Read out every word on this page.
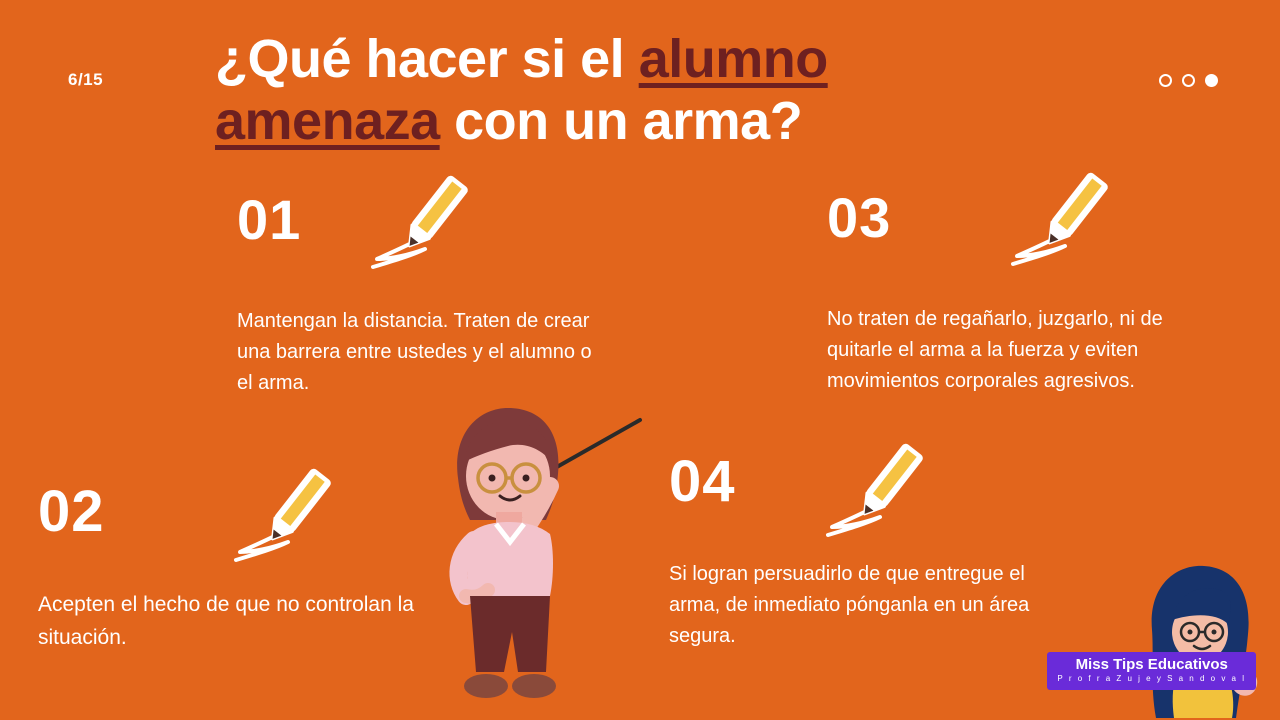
6/15 ¿Qué hacer si el alumno
amenaza con un arma?
01
Mantengan la distancia. Traten de crear una barrera entre ustedes y el alumno o el arma.
02
Acepten el hecho de que no controlan la situación.
03
No traten de regañarlo, juzgarlo, ni de quitarle el arma a la fuerza y eviten movimientos corporales agresivos.
04
Si logran persuadirlo de que entregue el arma, de inmediato pónganla en un área segura.
Miss Tips Educativos
P r o f r a Z u j e y S a n d o v a l
